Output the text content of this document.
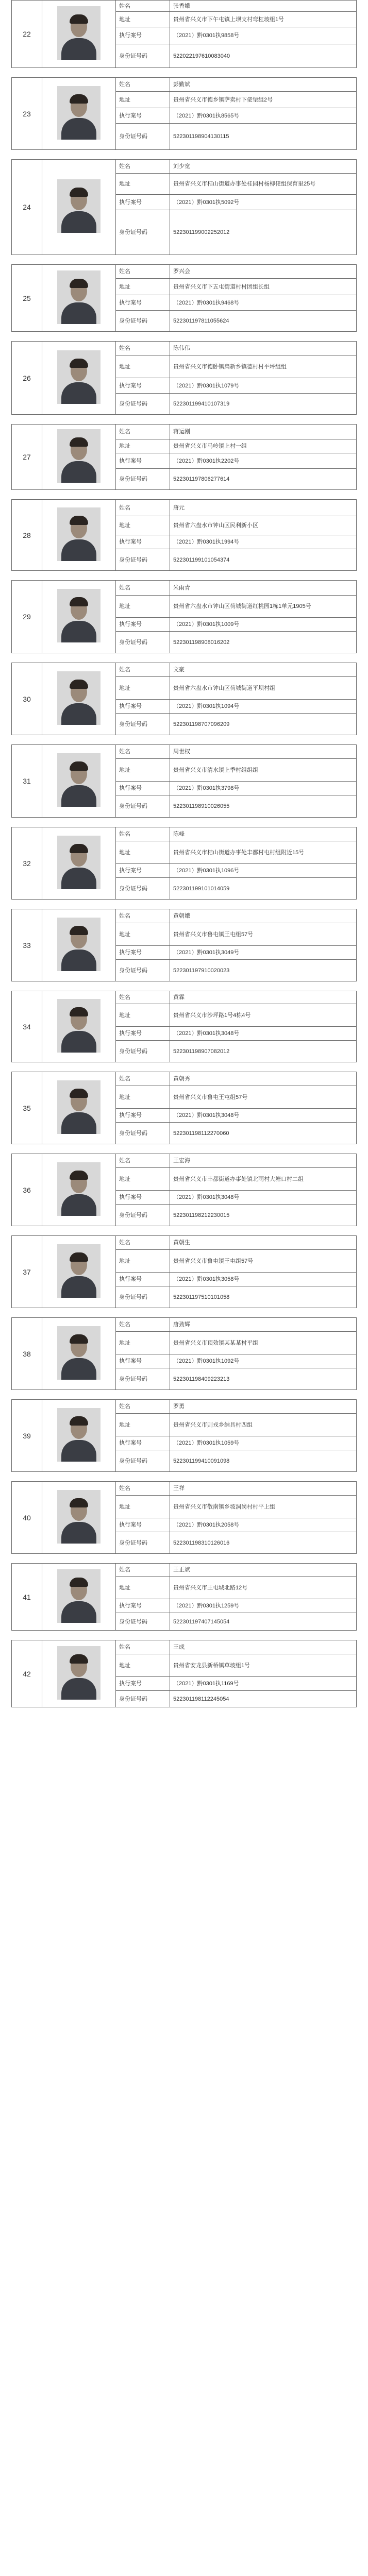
22		姓名	张香娥
		地址	贵州省兴义市下午屯镇上坝支村弯杠坡组1号
		执行案号	（2021）黔0301执9858号
		身份证号码	522022197610083040

23		姓名	彭勤斌
		地址	贵州省兴义市德乡镇萨卖村下佬堡组2号
		执行案号	（2021）黔0301执8565号
		身份证号码	522301198904130115

24		姓名	刘少宽
		地址	贵州省兴义市桔山街道办事处桂园村杨柳佬组保育里25号
		执行案号	（2021）黔0301执5092号
		身份证号码	522301199002252012

25		姓名	罗兴会
		地址	贵州省兴义市下五屯街道村村团组长组
		执行案号	（2021）黔0301执9468号
		身份证号码	522301197811055624

26		姓名	陈伟伟
		地址	贵州省兴义市德卧镇扁新乡镇德村村平坪组组
		执行案号	（2021）黔0301执1079号
		身份证号码	522301199410107319

27		姓名	蒋运刚
		地址	贵州省兴义市马岭镇上村一组
		执行案号	（2021）黔0301执2202号
		身份证号码	522301197806277614

28		姓名	唐元
		地址	贵州省六盘水市钟山区民利新小区
		执行案号	（2021）黔0301执1994号
		身份证号码	522301199101054374

29		姓名	朱雨青
		地址	贵州省六盘水市钟山区荷城街道红桃园1栋1单元1905号
		执行案号	（2021）黔0301执1009号
		身份证号码	522301198908016202

30		姓名	文豪
		地址	贵州省六盘水市钟山区荷城街道平坝村组
		执行案号	（2021）黔0301执1094号
		身份证号码	522301198707096209

31		姓名	周世权
		地址	贵州省兴义市清水镇上季村组组组
		执行案号	（2021）黔0301执3798号
		身份证号码	522301198910026055

32		姓名	陈峰
		地址	贵州省兴义市桔山街道办事处丰都村屯村组附近15号
		执行案号	（2021）黔0301执1096号
		身份证号码	522301199101014059

33		姓名	黄朝娥
		地址	贵州省兴义市鲁屯镇王屯组57号
		执行案号	（2021）黔0301执3049号
		身份证号码	522301197910020023

34		姓名	黄霖
		地址	贵州省兴义市沙坪路1号4栋4号
		执行案号	（2021）黔0301执3048号
		身份证号码	522301198907082012

35		姓名	黄朝秀
		地址	贵州省兴义市鲁屯王屯组57号
		执行案号	（2021）黔0301执3048号
		身份证号码	522301198112270060

36		姓名	王宏海
		地址	贵州省兴义市丰都街道办事处镇北雨村大塘口村二组
		执行案号	（2021）黔0301执3048号
		身份证号码	522301198212230015

37		姓名	黄朝生
		地址	贵州省兴义市鲁屯镇王屯组57号
		执行案号	（2021）黔0301执3058号
		身份证号码	522301197510101058

38		姓名	唐劲辉
		地址	贵州省兴义市顶效镇某某某村平组
		执行案号	（2021）黔0301执1092号
		身份证号码	522301198409223213

39		姓名	罗勇
		地址	贵州省兴义市则戎乡纳具村四组
		执行案号	（2021）黔0301执1059号
		身份证号码	522301199410091098

40		姓名	王祥
		地址	贵州省兴义市敬南镇乡坡洞岗村村平上组
		执行案号	（2021）黔0301执2058号
		身份证号码	522301198310126016

41		姓名	王正斌
		地址	贵州省兴义市王屯城北路12号
		执行案号	（2021）黔0301执1259号
		身份证号码	522301197407145054

42		姓名	王成
		地址	贵州省安龙县新桥镇草坡组1号
		执行案号	（2021）黔0301执1169号
		身份证号码	522301198112245054
